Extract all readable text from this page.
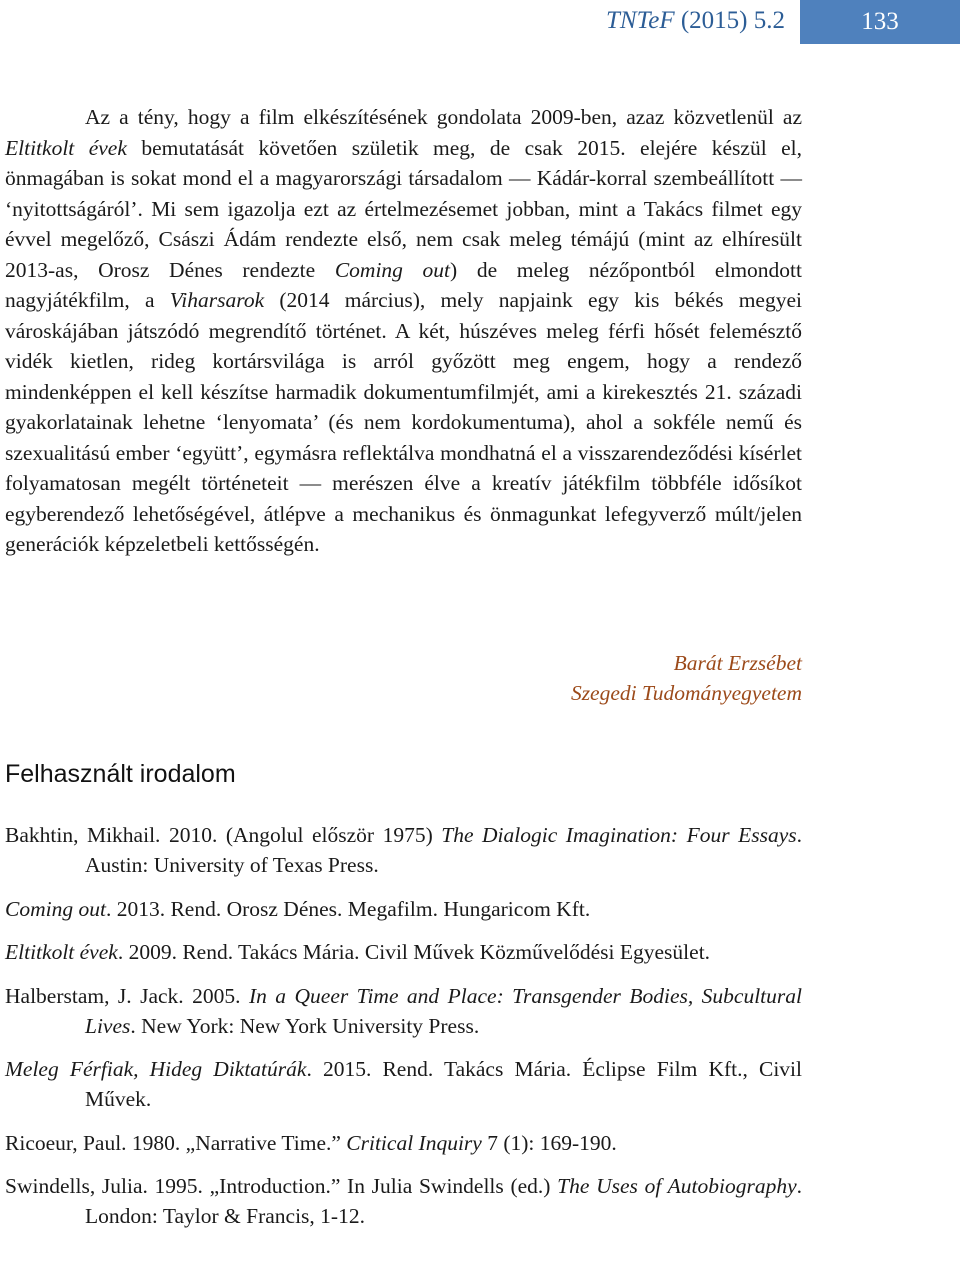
TNTeF (2015) 5.2	133

Az a tény, hogy a film elkészítésének gondolata 2009-ben, azaz közvetlenül az Eltitkolt évek bemutatását követően születik meg, de csak 2015. elejére készül el, önmagában is sokat mond el a magyarországi társadalom — Kádár-korral szembeállított — ‘nyitottságáról’. Mi sem igazolja ezt az értelmezésemet jobban, mint a Takács filmet egy évvel megelőző, Császi Ádám rendezte első, nem csak meleg témájú (mint az elhíresült 2013-as, Orosz Dénes rendezte Coming out) de meleg nézőpontból elmondott nagyjátékfilm, a Viharsarok (2014 március), mely napjaink egy kis békés megyei városkájában játszódó megrendítő történet. A két, húszéves meleg férfi hősét felemésztő vidék kietlen, rideg kortársvilága is arról győzött meg engem, hogy a rendező mindenképpen el kell készítse harmadik dokumentumfilmjét, ami a kirekesztés 21. századi gyakorlatainak lehetne ‘lenyomata’ (és nem kordokumentuma), ahol a sokféle nemű és szexualitású ember ‘együtt’, egymásra reflektálva mondhatná el a visszarendeződési kísérlet folyamatosan megélt történeteit — merészen élve a kreatív játékfilm többféle idősíkot egyberendező lehetőségével, átlépve a mechanikus és önmagunkat lefegyverző múlt/jelen generációk képzeletbeli kettősségén.

Barát Erzsébet
Szegedi Tudományegyetem
Felhasznált irodalom
Bakhtin, Mikhail. 2010. (Angolul először 1975) The Dialogic Imagination: Four Essays. Austin: University of Texas Press.
Coming out. 2013. Rend. Orosz Dénes. Megafilm. Hungaricom Kft.
Eltitkolt évek. 2009. Rend. Takács Mária. Civil Művek Közművelődési Egyesület.
Halberstam, J. Jack. 2005. In a Queer Time and Place: Transgender Bodies, Subcultural Lives. New York: New York University Press.
Meleg Férfiak, Hideg Diktatúrák. 2015. Rend. Takács Mária. Éclipse Film Kft., Civil Művek.
Ricoeur, Paul. 1980. „Narrative Time.” Critical Inquiry 7 (1): 169-190.
Swindells, Julia. 1995. „Introduction.” In Julia Swindells (ed.) The Uses of Autobiography. London: Taylor & Francis, 1-12.
